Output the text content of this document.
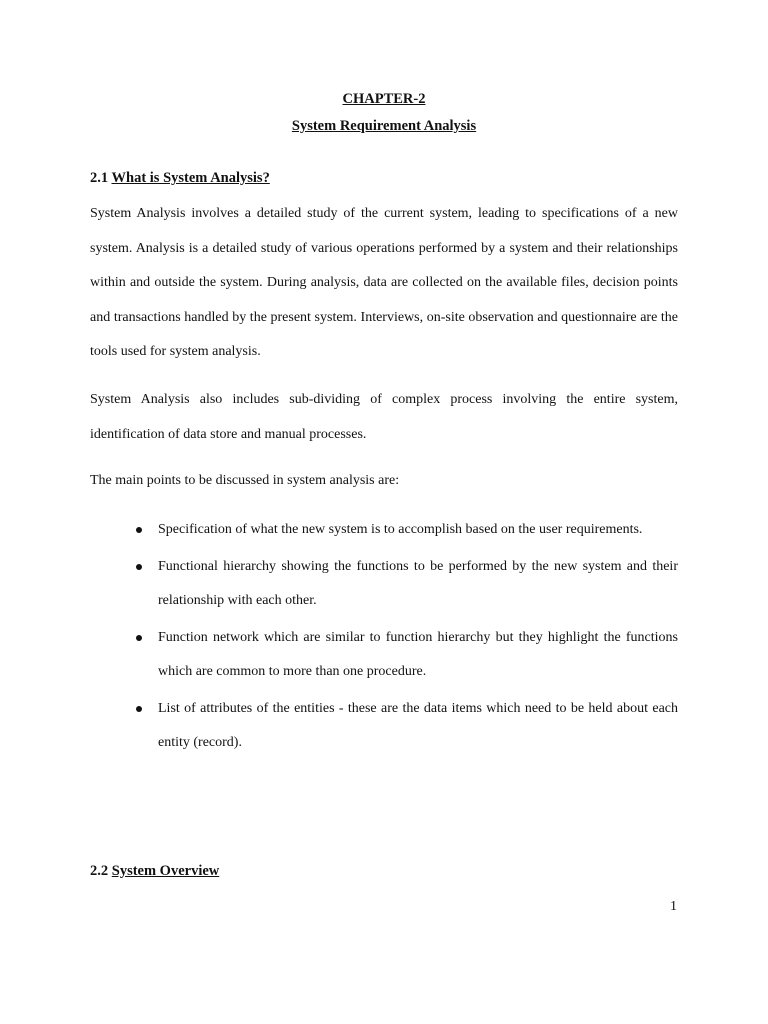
CHAPTER-2
System Requirement Analysis
2.1 What is System Analysis?

System Analysis involves a detailed study of the current system, leading to specifications of a new system. Analysis is a detailed study of various operations performed by a system and their relationships within and outside the system. During analysis, data are collected on the available files, decision points and transactions handled by the present system. Interviews, on-site observation and questionnaire are the tools used for system analysis.

System Analysis also includes sub-dividing of complex process involving the entire system, identification of data store and manual processes.

The main points to be discussed in system analysis are:

Specification of what the new system is to accomplish based on the user requirements.
Functional hierarchy showing the functions to be performed by the new system and their relationship with each other.
Function network which are similar to function hierarchy but they highlight the functions which are common to more than one procedure.
List of attributes of the entities - these are the data items which need to be held about each entity (record).
2.2 System Overview
1
